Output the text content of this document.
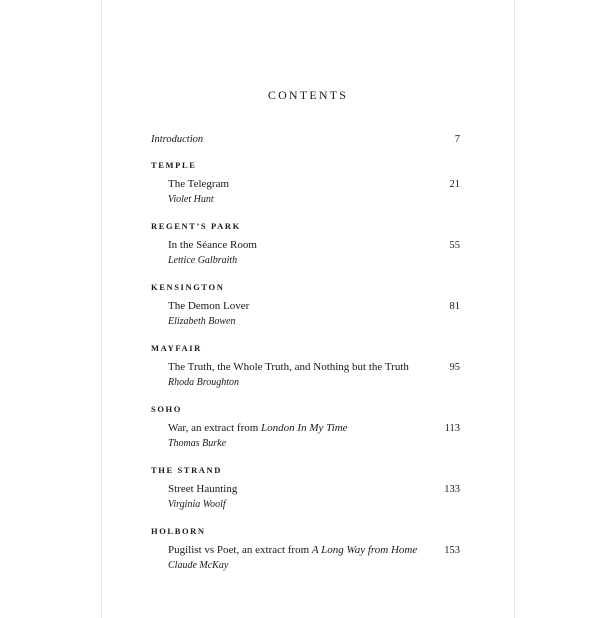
CONTENTS
Introduction	7
TEMPLE
The Telegram
Violet Hunt
21
REGENT’S PARK
In the Séance Room
Lettice Galbraith
55
KENSINGTON
The Demon Lover
Elizabeth Bowen
81
MAYFAIR
The Truth, the Whole Truth, and Nothing but the Truth
Rhoda Broughton
95
SOHO
War, an extract from London In My Time
Thomas Burke
113
THE STRAND
Street Haunting
Virginia Woolf
133
HOLBORN
Pugilist vs Poet, an extract from A Long Way from Home
Claude McKay
153
